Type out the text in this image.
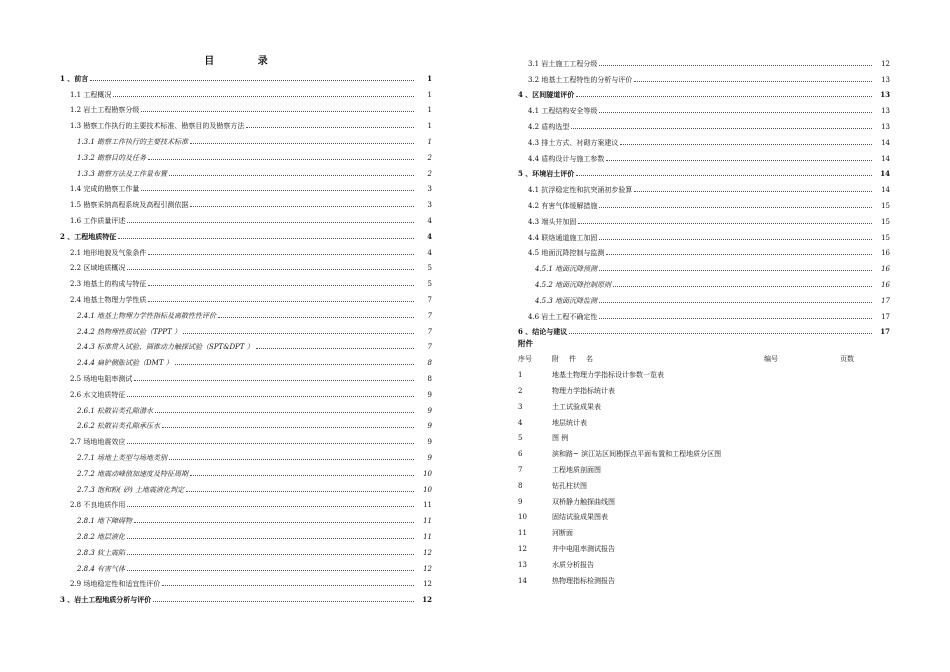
目 录
1 、前言	1
1.1 工程概况	1
1.2 岩土工程勘察分级	1
1.3 勘察工作执行的主要技术标准、勘察目的及勘察方法	1
1.3.1 勘察工作执行的主要技术标准	1
1.3.2 勘察目的及任务	2
1.3.3 勘察方法及工作量布置	2
1.4 完成的勘察工作量	3
1.5 勘察采纳高程系统及高程引测依据	3
1.6 工作质量评述	4
2 、工程地质特征	4
2.1 地形地貌及气象条件	4
2.2 区域地质概况	5
2.3 地基土的构成与特征	5
2.4 地基土物理力学性质	7
2.4.1 地基土物理力学性指标及离散性性评价	7
2.4.2 热物理性质试验（TPPT ）	7
2.4.3 标准贯入试验、圆锥动力触探试验（SPT&DPT ）	7
2.4.4 扁铲侧胀试验（DMT ）	8
2.5 场地电阻率测试	8
2.6 水文地质特征	9
2.6.1 松散岩类孔隙潜水	9
2.6.2 松散岩类孔隙承压水	9
2.7 场地地震效应	9
2.7.1 场地土类型与场地类别	9
2.7.2 地震动峰值加速度及特征周期	10
2.7.3 饱和粉( 砂) 土地震液化判定	10
2.8 不良地质作用	11
2.8.1 地下障碍物	11
2.8.2 地层液化	11
2.8.3 软土震陷	12
2.8.4 有害气体	12
2.9 场地稳定性和适宜性评价	12
3 、岩土工程地质分析与评价	12
3.1 岩土施工工程分级	12
3.2 地基土工程特性的分析与评价	13
4 、区间隧道评价	13
4.1 工程结构安全等级	13
4.2 盾构选型	13
4.3 排土方式、衬砌方案建议	14
4.4 盾构设计与施工参数	14
5 、环境岩土评价	14
4.1 抗浮稳定性和抗突涌初步验算	14
4.2 有害气体缓解措施	15
4.3 端头井加固	15
4.4 联络通道施工加固	15
4.5 地面沉降控制与监测	16
4.5.1 地面沉降预测	16
4.5.2 地面沉降控制原则	16
4.5.3 地面沉降监测	17
4.6 岩土工程不确定性	17
6 、结论与建议	17
附件
序号	附件名	编号	页数
1	地基土物理力学指标设计参数一览表
2	物理力学指标统计表
3	土工试验成果表
4	地层统计表
5	图 例
6	滨和路~ 滨江站区间勘探点平面布置和工程地质分区图
7	工程地质剖面图
8	钻孔柱状图
9	双桥静力触探曲线图
10	固结试验成果图表
11	河断面
12	井中电阻率测试报告
13	水质分析报告
14	热物理指标检测报告
